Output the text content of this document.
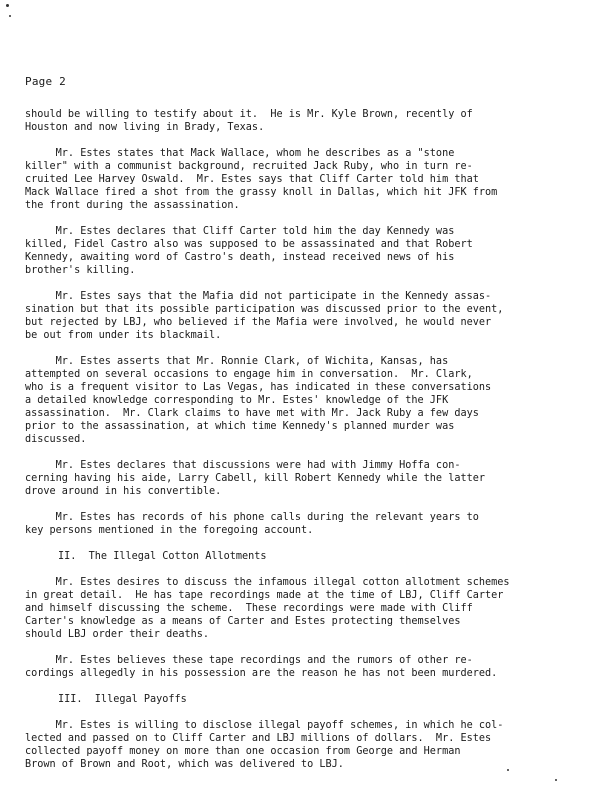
Page 2
should be willing to testify about it.  He is Mr. Kyle Brown, recently of
Houston and now living in Brady, Texas.
Mr. Estes states that Mack Wallace, whom he describes as a "stone
killer" with a communist background, recruited Jack Ruby, who in turn re-
cruited Lee Harvey Oswald.  Mr. Estes says that Cliff Carter told him that
Mack Wallace fired a shot from the grassy knoll in Dallas, which hit JFK from
the front during the assassination.
Mr. Estes declares that Cliff Carter told him the day Kennedy was
killed, Fidel Castro also was supposed to be assassinated and that Robert
Kennedy, awaiting word of Castro's death, instead received news of his
brother's killing.
Mr. Estes says that the Mafia did not participate in the Kennedy assas-
sination but that its possible participation was discussed prior to the event,
but rejected by LBJ, who believed if the Mafia were involved, he would never
be out from under its blackmail.
Mr. Estes asserts that Mr. Ronnie Clark, of Wichita, Kansas, has
attempted on several occasions to engage him in conversation.  Mr. Clark,
who is a frequent visitor to Las Vegas, has indicated in these conversations
a detailed knowledge corresponding to Mr. Estes' knowledge of the JFK
assassination.  Mr. Clark claims to have met with Mr. Jack Ruby a few days
prior to the assassination, at which time Kennedy's planned murder was
discussed.
Mr. Estes declares that discussions were had with Jimmy Hoffa con-
cerning having his aide, Larry Cabell, kill Robert Kennedy while the latter
drove around in his convertible.
Mr. Estes has records of his phone calls during the relevant years to
key persons mentioned in the foregoing account.
II.  The Illegal Cotton Allotments
Mr. Estes desires to discuss the infamous illegal cotton allotment schemes
in great detail.  He has tape recordings made at the time of LBJ, Cliff Carter
and himself discussing the scheme.  These recordings were made with Cliff
Carter's knowledge as a means of Carter and Estes protecting themselves
should LBJ order their deaths.
Mr. Estes believes these tape recordings and the rumors of other re-
cordings allegedly in his possession are the reason he has not been murdered.
III.  Illegal Payoffs
Mr. Estes is willing to disclose illegal payoff schemes, in which he col-
lected and passed on to Cliff Carter and LBJ millions of dollars.  Mr. Estes
collected payoff money on more than one occasion from George and Herman
Brown of Brown and Root, which was delivered to LBJ.
